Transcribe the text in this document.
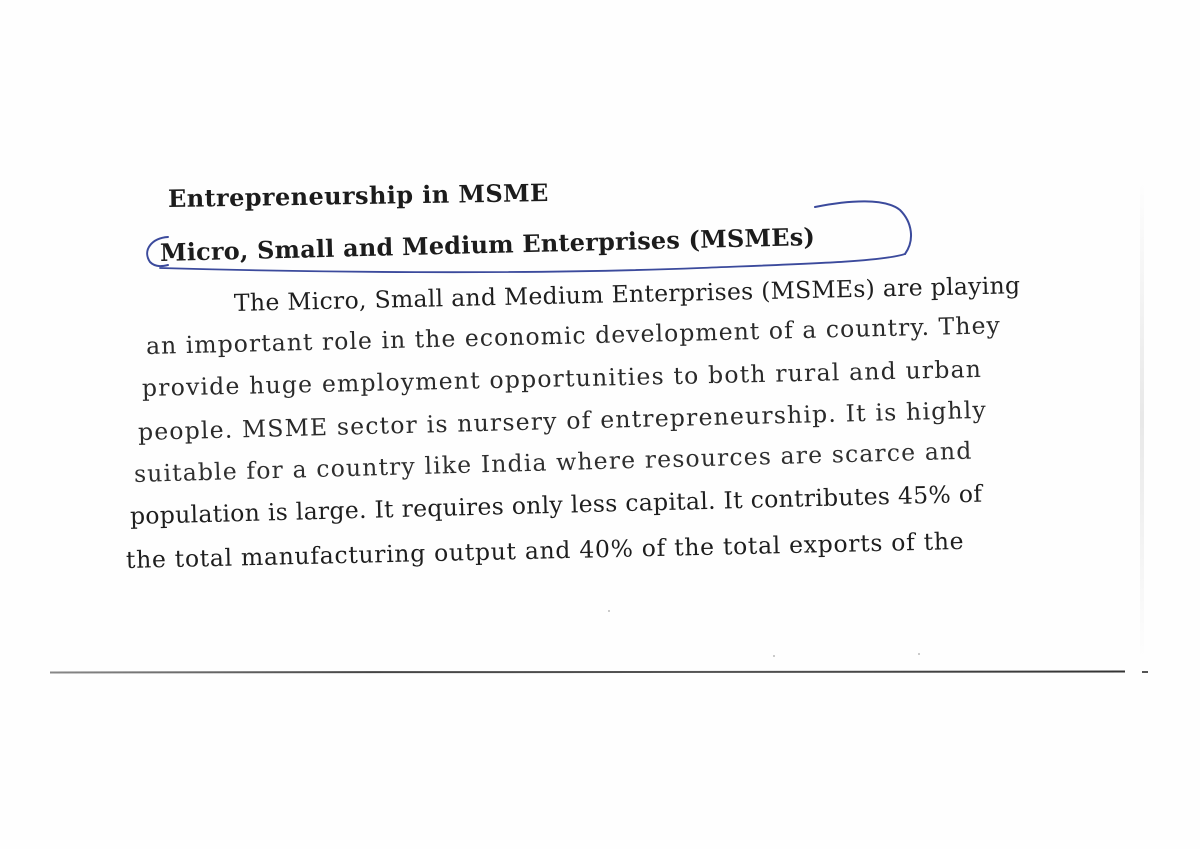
Entrepreneurship in MSME
Micro, Small and Medium Enterprises (MSMEs)
The Micro, Small and Medium Enterprises (MSMEs) are playing
an important role in the economic development of a country. They
provide huge employment opportunities to both rural and urban
people. MSME sector is nursery of entrepreneurship. It is highly
suitable for a country like India where resources are scarce and
population is large. It requires only less capital. It contributes 45% of
the total manufacturing output and 40% of the total exports of the
